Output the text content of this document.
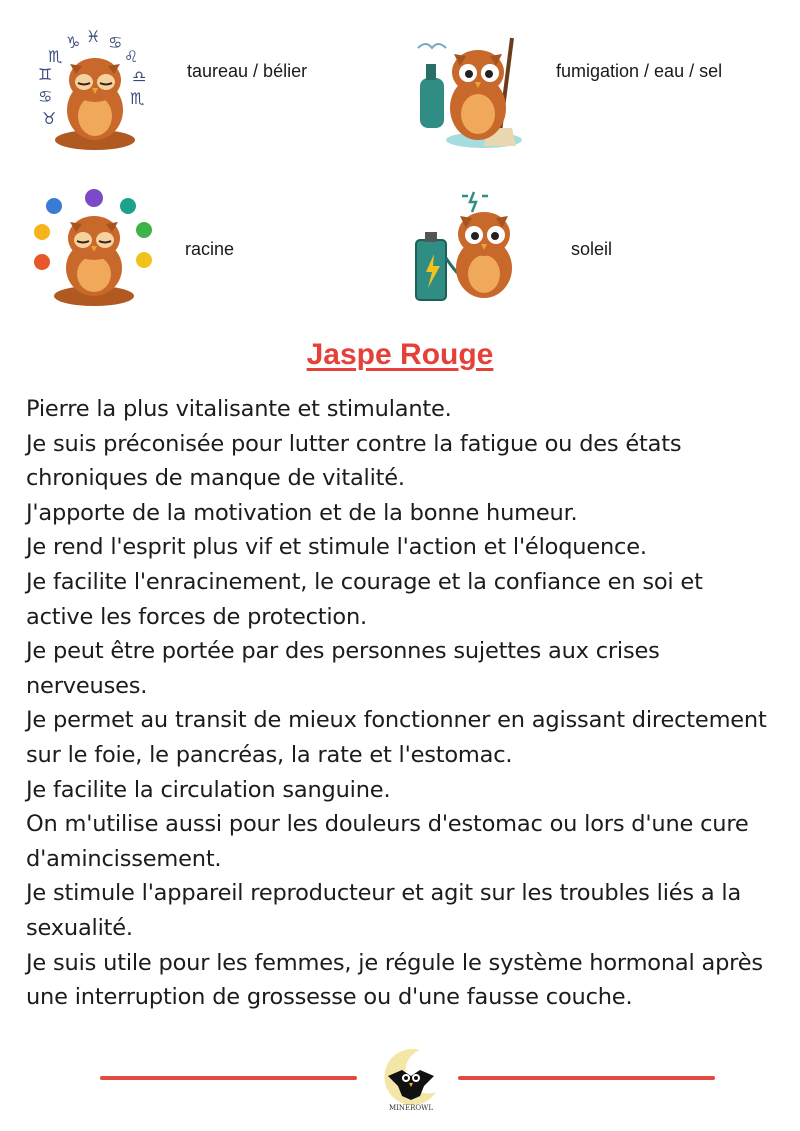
♊
♏
♑ ♓ ♋
♌
♎
♏
♋
♉
taureau / bélier	fumigation / eau / sel
racine	soleil
Jaspe Rouge

Pierre la plus vitalisante et stimulante.

Je suis préconisée pour lutter contre la fatigue ou des états chroniques de manque de vitalité.

J'apporte de la motivation et de la bonne humeur.

Je rend l'esprit plus vif et stimule l'action et l'éloquence.

Je facilite l'enracinement, le courage et la confiance en soi et active les forces de protection.

Je peut être portée par des personnes sujettes aux crises nerveuses.

Je permet au transit de mieux fonctionner en agissant directement sur le foie, le pancréas, la rate et l'estomac.

Je facilite la circulation sanguine.

On m'utilise aussi pour les douleurs d'estomac ou lors d'une cure d'amincissement.

Je stimule l'appareil reproducteur et agit sur les troubles liés a la sexualité.

Je suis utile pour les femmes, je régule le système hormonal après une interruption de grossesse ou d'une fausse couche.

MINEROWL
